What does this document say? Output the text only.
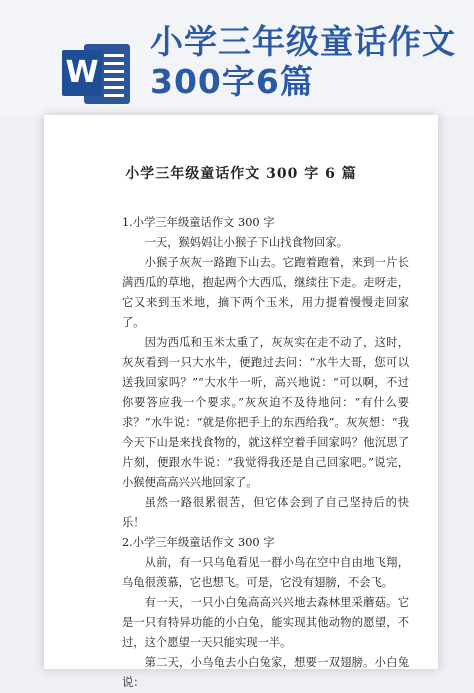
W
小学三年级童话作文300字6篇
小学三年级童话作文 300 字 6 篇

1.小学三年级童话作文 300 字

一天，猴妈妈让小猴子下山找食物回家。

小猴子灰灰一路跑下山去。它跑着跑着，来到一片长满西瓜的草地，抱起两个大西瓜，继续往下走。走呀走，它又来到玉米地，摘下两个玉米，用力提着慢慢走回家了。

因为西瓜和玉米太重了，灰灰实在走不动了，这时，灰灰看到一只大水牛，便跑过去问：“水牛大哥，您可以送我回家吗？”“大水牛一听，高兴地说：“可以啊，不过你要答应我一个要求。”灰灰迫不及待地问：“有什么要求？”水牛说：“就是你把手上的东西给我”。灰灰想：“我今天下山是来找食物的，就这样空着手回家吗？他沉思了片刻，便跟水牛说：“我觉得我还是自己回家吧。”说完，小猴便高高兴兴地回家了。

虽然一路很累很苦，但它体会到了自己坚持后的快乐！

2.小学三年级童话作文 300 字

从前，有一只乌龟看见一群小鸟在空中自由地飞翔，乌龟很羡慕，它也想飞。可是，它没有翅膀，不会飞。

有一天，一只小白兔高高兴兴地去森林里采蘑菇。它是一只有特异功能的小白兔，能实现其他动物的愿望，不过，这个愿望一天只能实现一半。

第二天，小乌龟去小白兔家，想要一双翅膀。小白兔说：
